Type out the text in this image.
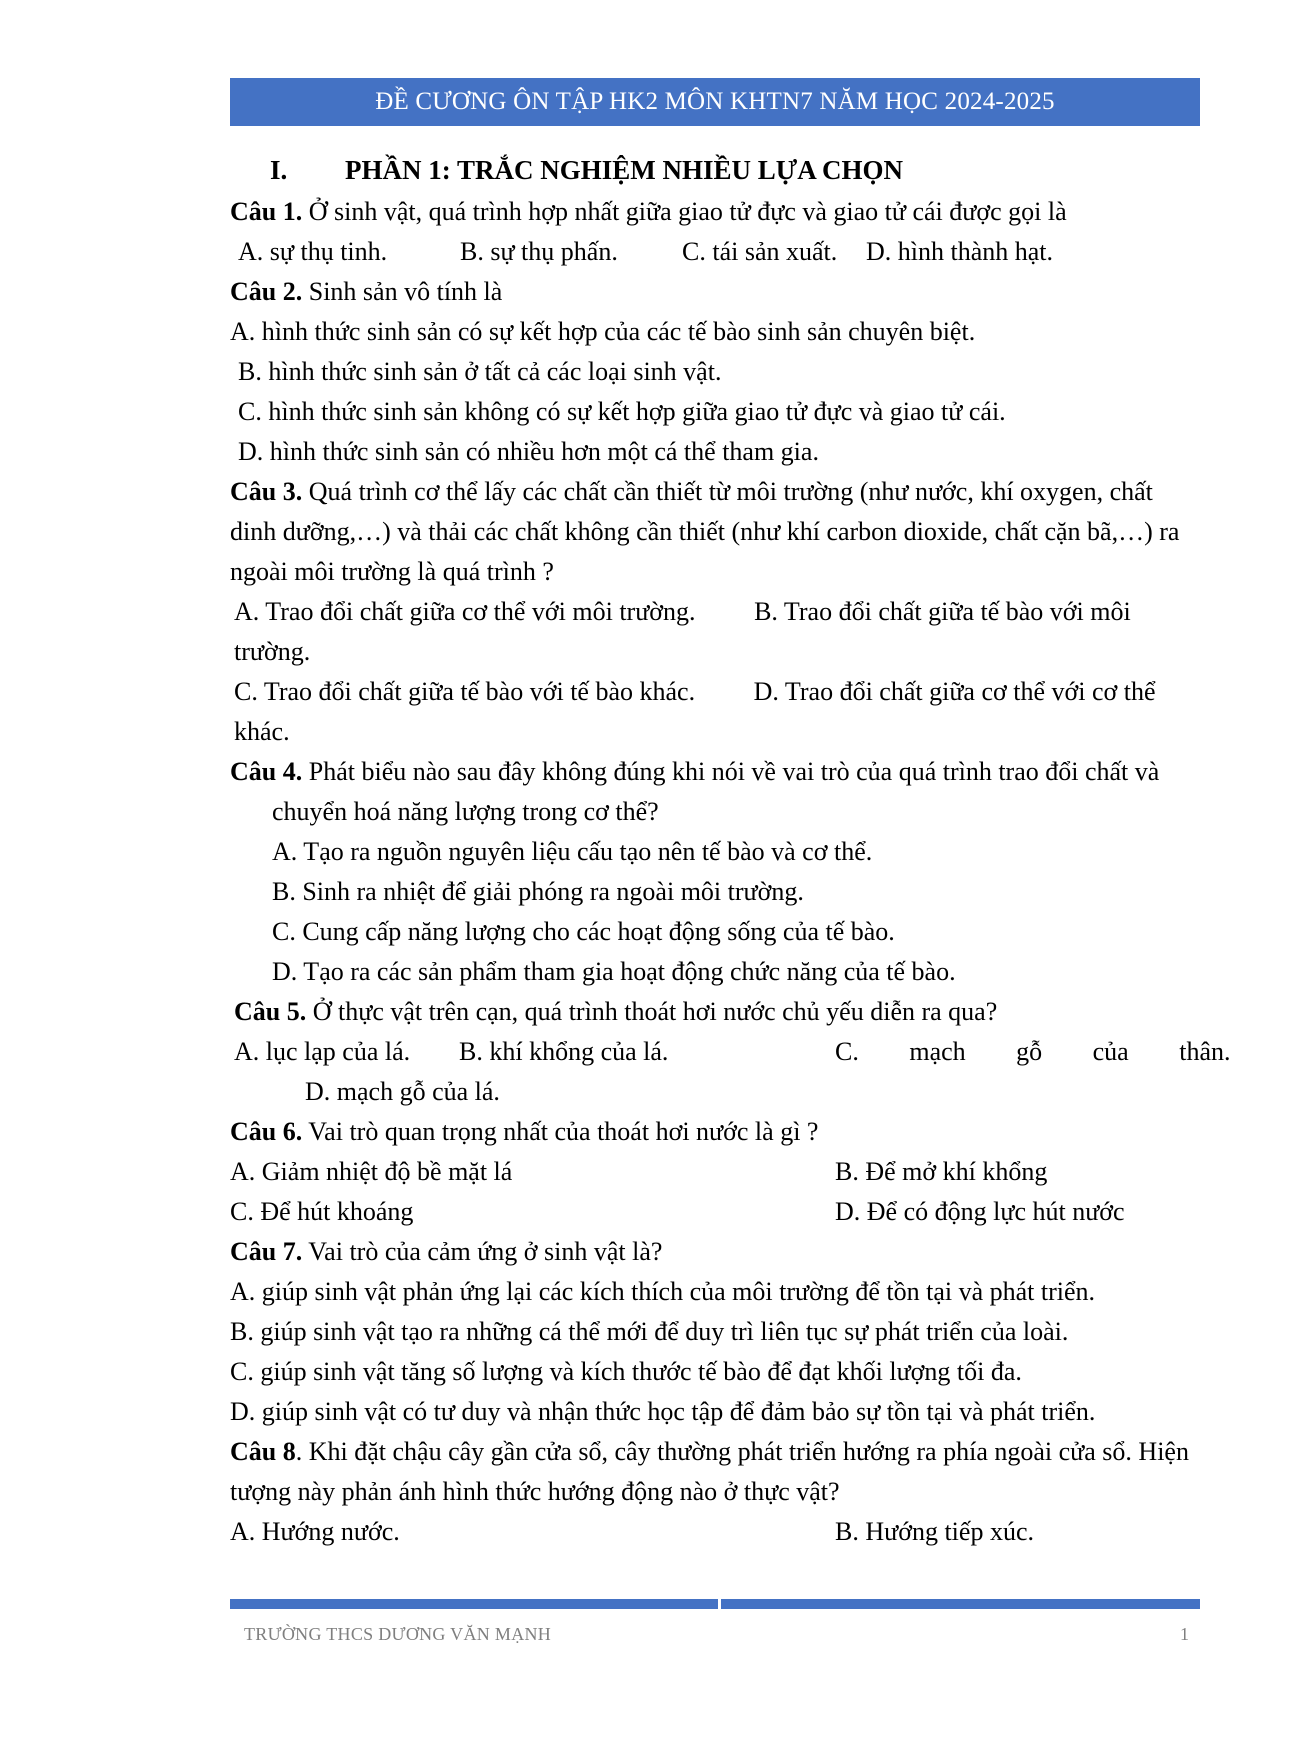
ĐỀ CƯƠNG ÔN TẬP HK2 MÔN KHTN7 NĂM HỌC 2024-2025
I. PHẦN 1: TRẮC NGHIỆM NHIỀU LỰA CHỌN
Câu 1. Ở sinh vật, quá trình hợp nhất giữa giao tử đực và giao tử cái được gọi là
A. sự thụ tinh.	B. sự thụ phấn. C. tái sản xuất. D. hình thành hạt.
Câu 2. Sinh sản vô tính là
A. hình thức sinh sản có sự kết hợp của các tế bào sinh sản chuyên biệt.
B. hình thức sinh sản ở tất cả các loại sinh vật.
C. hình thức sinh sản không có sự kết hợp giữa giao tử đực và giao tử cái.
D. hình thức sinh sản có nhiều hơn một cá thể tham gia.
Câu 3. Quá trình cơ thể lấy các chất cần thiết từ môi trường (như nước, khí oxygen, chất dinh dưỡng,…) và thải các chất không cần thiết (như khí carbon dioxide, chất cặn bã,…) ra ngoài môi trường là quá trình ?
A. Trao đổi chất giữa cơ thể với môi trường. B. Trao đổi chất giữa tế bào với môi trường.
C. Trao đổi chất giữa tế bào với tế bào khác. D. Trao đổi chất giữa cơ thể với cơ thể khác.
Câu 4. Phát biểu nào sau đây không đúng khi nói về vai trò của quá trình trao đổi chất và chuyển hoá năng lượng trong cơ thể?
A. Tạo ra nguồn nguyên liệu cấu tạo nên tế bào và cơ thể.
B. Sinh ra nhiệt để giải phóng ra ngoài môi trường.
C. Cung cấp năng lượng cho các hoạt động sống của tế bào.
D. Tạo ra các sản phẩm tham gia hoạt động chức năng của tế bào.
Câu 5. Ở thực vật trên cạn, quá trình thoát hơi nước chủ yếu diễn ra qua?
A. lục lạp của lá. B. khí khổng của lá.	C. mạch gỗ của thân.
D. mạch gỗ của lá.
Câu 6. Vai trò quan trọng nhất của thoát hơi nước là gì ?
A. Giảm nhiệt độ bề mặt lá	B. Để mở khí khổng
C. Để hút khoáng	D. Để có động lực hút nước
Câu 7. Vai trò của cảm ứng ở sinh vật là?
A. giúp sinh vật phản ứng lại các kích thích của môi trường để tồn tại và phát triển.
B. giúp sinh vật tạo ra những cá thể mới để duy trì liên tục sự phát triển của loài.
C. giúp sinh vật tăng số lượng và kích thước tế bào để đạt khối lượng tối đa.
D. giúp sinh vật có tư duy và nhận thức học tập để đảm bảo sự tồn tại và phát triển.
Câu 8. Khi đặt chậu cây gần cửa sổ, cây thường phát triển hướng ra phía ngoài cửa sổ. Hiện tượng này phản ánh hình thức hướng động nào ở thực vật?
A. Hướng nước.	B. Hướng tiếp xúc.
TRƯỜNG THCS DƯƠNG VĂN MẠNH	1
